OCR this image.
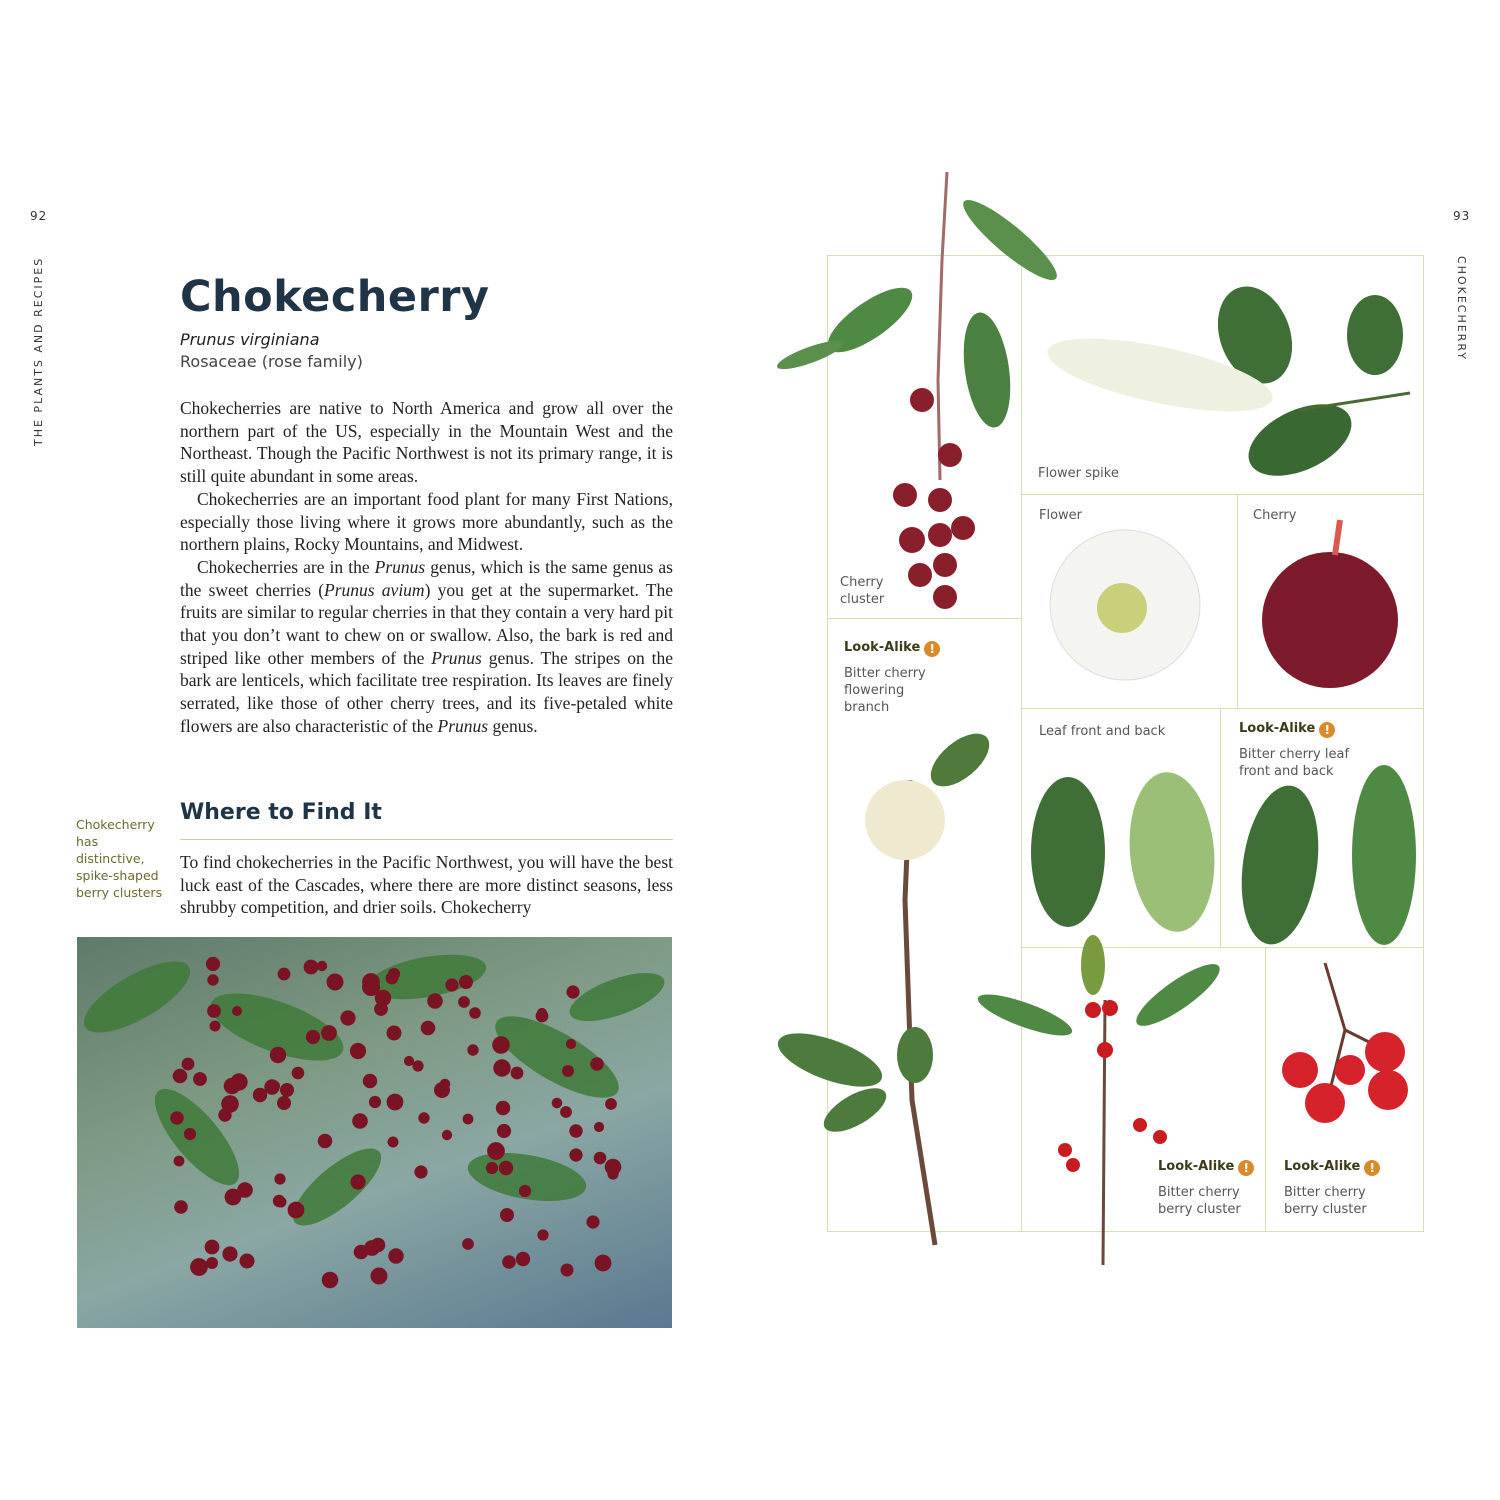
92
THE PLANTS AND RECIPES	Chokecherry
Prunus virginiana
Rosaceae (rose family)

Chokecherries are native to North America and grow all over the northern part of the US, especially in the Mountain West and the Northeast. Though the Pacific Northwest is not its primary range, it is still quite abundant in some areas.

Chokecherries are an important food plant for many First Nations, especially those living where it grows more abundantly, such as the northern plains, Rocky Mountains, and Midwest.

Chokecherries are in the Prunus genus, which is the same genus as the sweet cherries (Prunus avium) you get at the supermarket. The fruits are similar to regular cherries in that they contain a very hard pit that you don’t want to chew on or swallow. Also, the bark is red and striped like other members of the Prunus genus. The stripes on the bark are lenticels, which facilitate tree respiration. Its leaves are finely serrated, like those of other cherry trees, and its five-petaled white flowers are also characteristic of the Prunus genus.

Where to Find It
Chokecherry has distinctive, spike-shaped berry clusters

To find chokecherries in the Pacific Northwest, you will have the best luck east of the Cascades, where there are more distinct seasons, less shrubby competition, and drier soils. Chokecherry

93
CHOKECHERRY
Cherry cluster
Flower spike
Flower	Cherry
Look-Alike !
Bitter cherry flowering branch
Leaf front and back	Look-Alike !
Bitter cherry leaf front and back
Look-Alike !
Bitter cherry berry cluster
Look-Alike !
Bitter cherry berry cluster
